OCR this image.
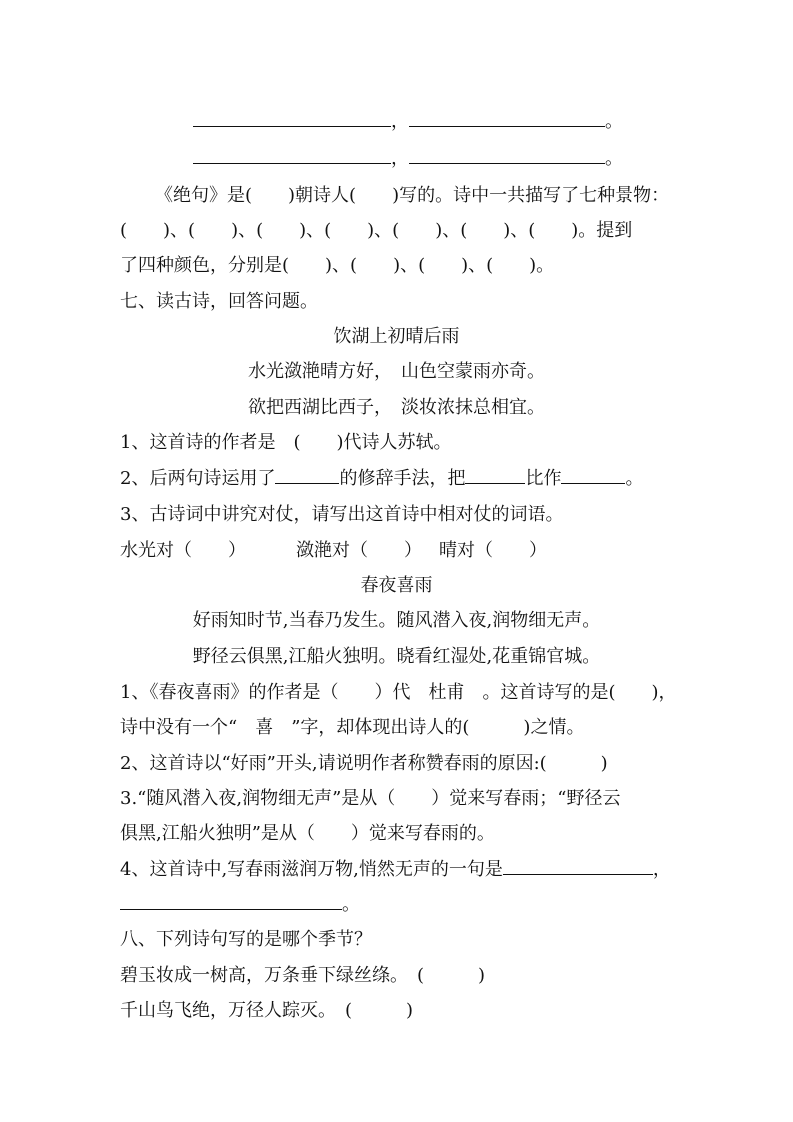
，	。
，	。
《绝句》是(　　)朝诗人(　　)写的。诗中一共描写了七种景物：
(　　)、(　　)、(　　)、(　　)、(　　)、(　　)、(　　)。提到
了四种颜色，分别是(　　)、(　　)、(　　)、(　　)。
七、读古诗，回答问题。
饮湖上初晴后雨
水光潋滟晴方好，　山色空蒙雨亦奇。
欲把西湖比西子，　淡妆浓抹总相宜。
1、这首诗的作者是　(　　)代诗人苏轼。
2、后两句诗运用了	的修辞手法，把	比作	。
3、古诗词中讲究对仗，请写出这首诗中相对仗的词语。
水光对（　　）	潋滟对（　　） 晴对（　　）
春夜喜雨
好雨知时节,当春乃发生。随风潜入夜,润物细无声。
野径云俱黑,江船火独明。晓看红湿处,花重锦官城。
1、《春夜喜雨》的作者是（　　）代　杜甫　。这首诗写的是(　　)，
诗中没有一个“　喜　”字，却体现出诗人的(　　　)之情。
2、这首诗以“好雨”开头,请说明作者称赞春雨的原因:(　　　)
3.“随风潜入夜,润物细无声”是从（　　）觉来写春雨；“野径云
俱黑,江船火独明”是从（　　）觉来写春雨的。
4、这首诗中,写春雨滋润万物,悄然无声的一句是	，
。
八、下列诗句写的是哪个季节？
碧玉妆成一树高，万条垂下绿丝绦。　(　　　)
千山鸟飞绝，万径人踪灭。　(　　　)
